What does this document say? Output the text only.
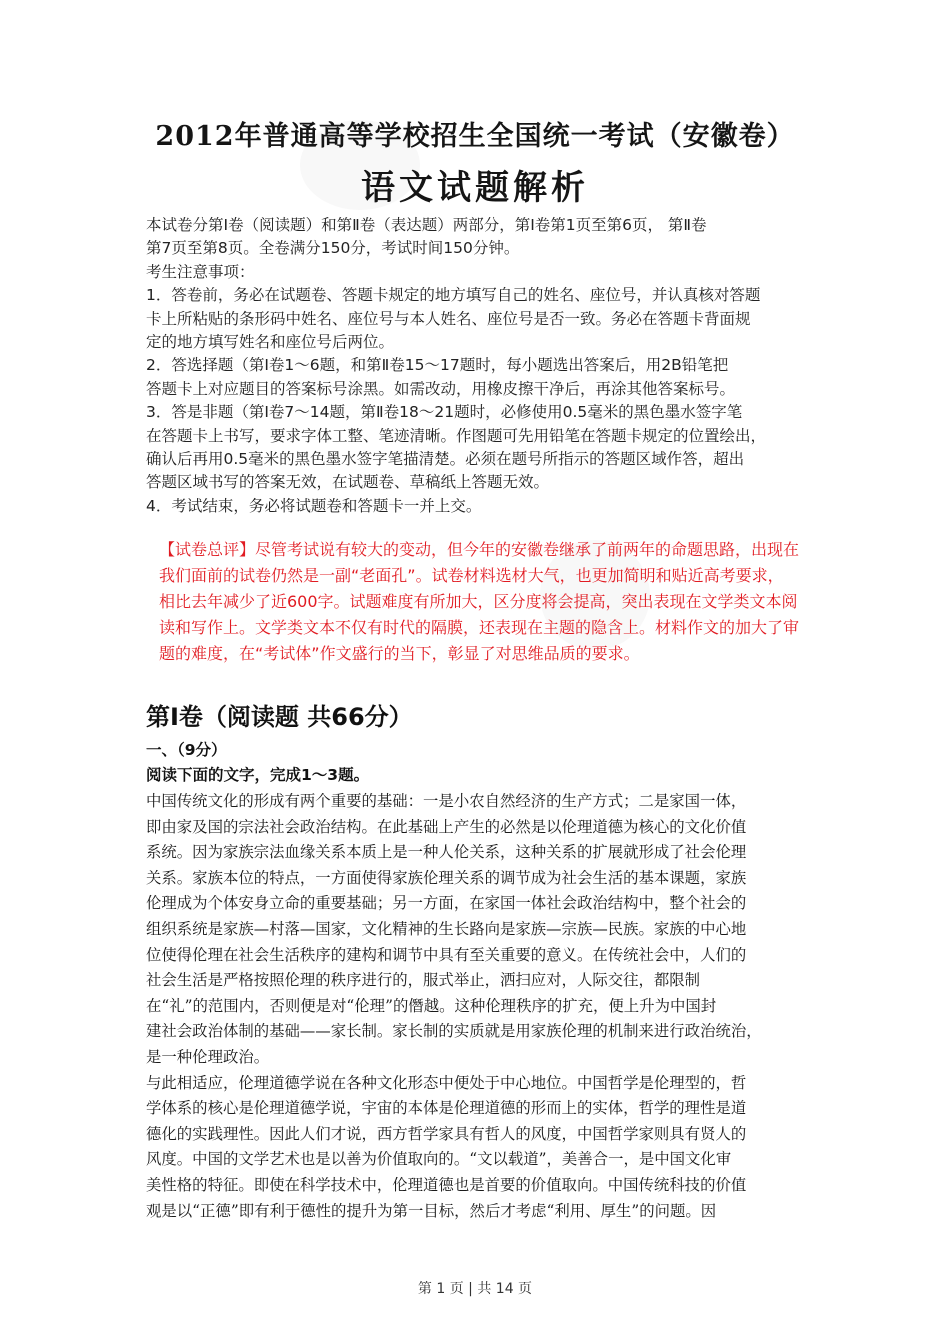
2012年普通高等学校招生全国统一考试（安徽卷）
语文试题解析
本试卷分第Ⅰ卷（阅读题）和第Ⅱ卷（表达题）两部分，第Ⅰ卷第1页至第6页， 第Ⅱ卷
第7页至第8页。全卷满分150分，考试时间150分钟。
考生注意事项：
1．答卷前，务必在试题卷、答题卡规定的地方填写自己的姓名、座位号，并认真核对答题
卡上所粘贴的条形码中姓名、座位号与本人姓名、座位号是否一致。务必在答题卡背面规
定的地方填写姓名和座位号后两位。
2．答选择题（第Ⅰ卷1～6题，和第Ⅱ卷15～17题时，每小题选出答案后，用2B铅笔把
答题卡上对应题目的答案标号涂黑。如需改动，用橡皮擦干净后，再涂其他答案标号。
3．答是非题（第Ⅰ卷7～14题，第Ⅱ卷18～21题时，必修使用0.5毫米的黑色墨水签字笔
在答题卡上书写，要求字体工整、笔迹清晰。作图题可先用铅笔在答题卡规定的位置绘出，
确认后再用0.5毫米的黑色墨水签字笔描清楚。必须在题号所指示的答题区域作答，超出
答题区域书写的答案无效，在试题卷、草稿纸上答题无效。
4．考试结束，务必将试题卷和答题卡一并上交。
【试卷总评】尽管考试说有较大的变动，但今年的安徽卷继承了前两年的命题思路，出现在
我们面前的试卷仍然是一副“老面孔”。试卷材料选材大气，也更加简明和贴近高考要求，
相比去年减少了近600字。试题难度有所加大，区分度将会提高，突出表现在文学类文本阅
读和写作上。文学类文本不仅有时代的隔膜，还表现在主题的隐含上。材料作文的加大了审
题的难度，在“考试体”作文盛行的当下，彰显了对思维品质的要求。
第Ⅰ卷（阅读题 共66分）
一、（9分）
阅读下面的文字，完成1～3题。
中国传统文化的形成有两个重要的基础：一是小农自然经济的生产方式；二是家国一体，
即由家及国的宗法社会政治结构。在此基础上产生的必然是以伦理道德为核心的文化价值
系统。因为家族宗法血缘关系本质上是一种人伦关系，这种关系的扩展就形成了社会伦理
关系。家族本位的特点，一方面使得家族伦理关系的调节成为社会生活的基本课题，家族
伦理成为个体安身立命的重要基础；另一方面，在家国一体社会政治结构中，整个社会的
组织系统是家族—村落—国家，文化精神的生长路向是家族—宗族—民族。家族的中心地
位使得伦理在社会生活秩序的建构和调节中具有至关重要的意义。在传统社会中，人们的
社会生活是严格按照伦理的秩序进行的，服式举止，洒扫应对，人际交往，都限制
在“礼”的范围内，否则便是对“伦理”的僭越。这种伦理秩序的扩充，便上升为中国封
建社会政治体制的基础——家长制。家长制的实质就是用家族伦理的机制来进行政治统治，
是一种伦理政治。
与此相适应，伦理道德学说在各种文化形态中便处于中心地位。中国哲学是伦理型的，哲
学体系的核心是伦理道德学说，宇宙的本体是伦理道德的形而上的实体，哲学的理性是道
德化的实践理性。因此人们才说，西方哲学家具有哲人的风度，中国哲学家则具有贤人的
风度。中国的文学艺术也是以善为价值取向的。“文以载道”，美善合一，是中国文化审
美性格的特征。即使在科学技术中，伦理道德也是首要的价值取向。中国传统科技的价值
观是以“正德”即有利于德性的提升为第一目标，然后才考虑“利用、厚生”的问题。因
第 1 页 | 共 14 页
